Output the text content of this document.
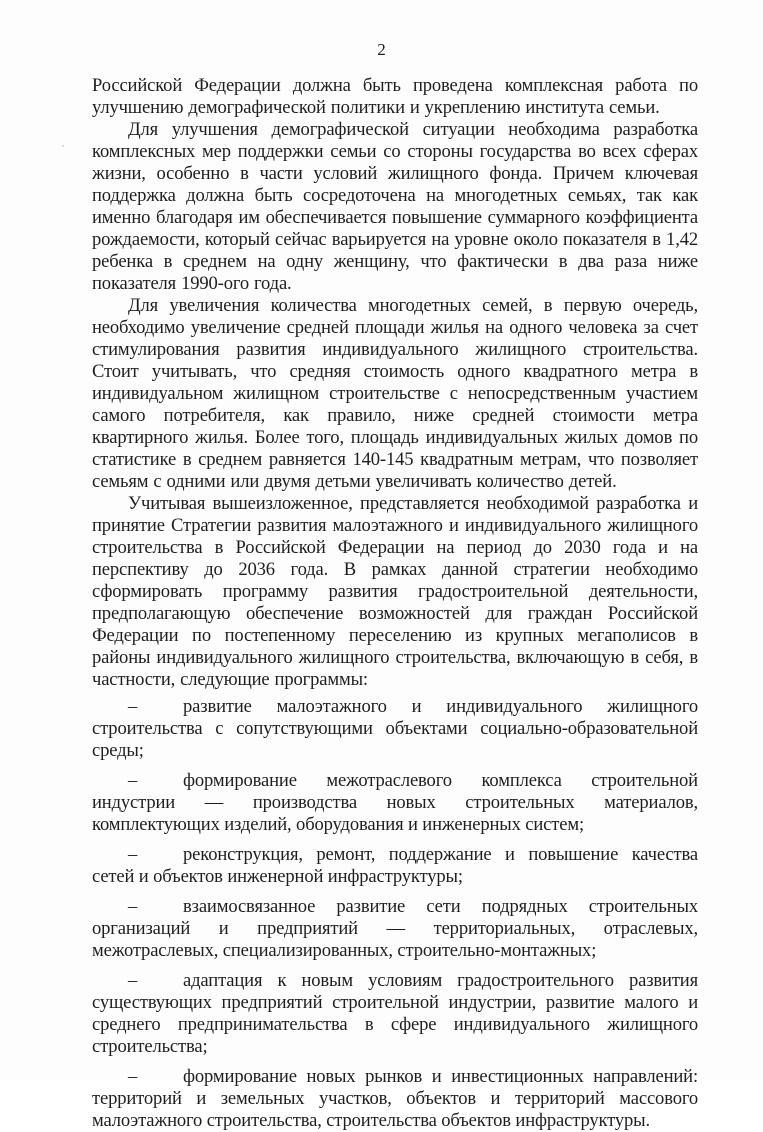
2

Российской Федерации должна быть проведена комплексная работа по улучшению демографической политики и укреплению института семьи.

Для улучшения демографической ситуации необходима разработка комплексных мер поддержки семьи со стороны государства во всех сферах жизни, особенно в части условий жилищного фонда. Причем ключевая поддержка должна быть сосредоточена на многодетных семьях, так как именно благодаря им обеспечивается повышение суммарного коэффициента рождаемости, который сейчас варьируется на уровне около показателя в 1,42 ребенка в среднем на одну женщину, что фактически в два раза ниже показателя 1990-ого года.

Для увеличения количества многодетных семей, в первую очередь, необходимо увеличение средней площади жилья на одного человека за счет стимулирования развития индивидуального жилищного строительства. Стоит учитывать, что средняя стоимость одного квадратного метра в индивидуальном жилищном строительстве с непосредственным участием самого потребителя, как правило, ниже средней стоимости метра квартирного жилья. Более того, площадь индивидуальных жилых домов по статистике в среднем равняется 140-145 квадратным метрам, что позволяет семьям с одними или двумя детьми увеличивать количество детей.

Учитывая вышеизложенное, представляется необходимой разработка и принятие Стратегии развития малоэтажного и индивидуального жилищного строительства в Российской Федерации на период до 2030 года и на перспективу до 2036 года. В рамках данной стратегии необходимо сформировать программу развития градостроительной деятельности, предполагающую обеспечение возможностей для граждан Российской Федерации по постепенному переселению из крупных мегаполисов в районы индивидуального жилищного строительства, включающую в себя, в частности, следующие программы:

– развитие малоэтажного и индивидуального жилищного строительства с сопутствующими объектами социально-образовательной среды;

– формирование межотраслевого комплекса строительной индустрии — производства новых строительных материалов, комплектующих изделий, оборудования и инженерных систем;

– реконструкция, ремонт, поддержание и повышение качества сетей и объектов инженерной инфраструктуры;

– взаимосвязанное развитие сети подрядных строительных организаций и предприятий — территориальных, отраслевых, межотраслевых, специализированных, строительно-монтажных;

– адаптация к новым условиям градостроительного развития существующих предприятий строительной индустрии, развитие малого и среднего предпринимательства в сфере индивидуального жилищного строительства;

– формирование новых рынков и инвестиционных направлений: территорий и земельных участков, объектов и территорий массового малоэтажного строительства, строительства объектов инфраструктуры.
